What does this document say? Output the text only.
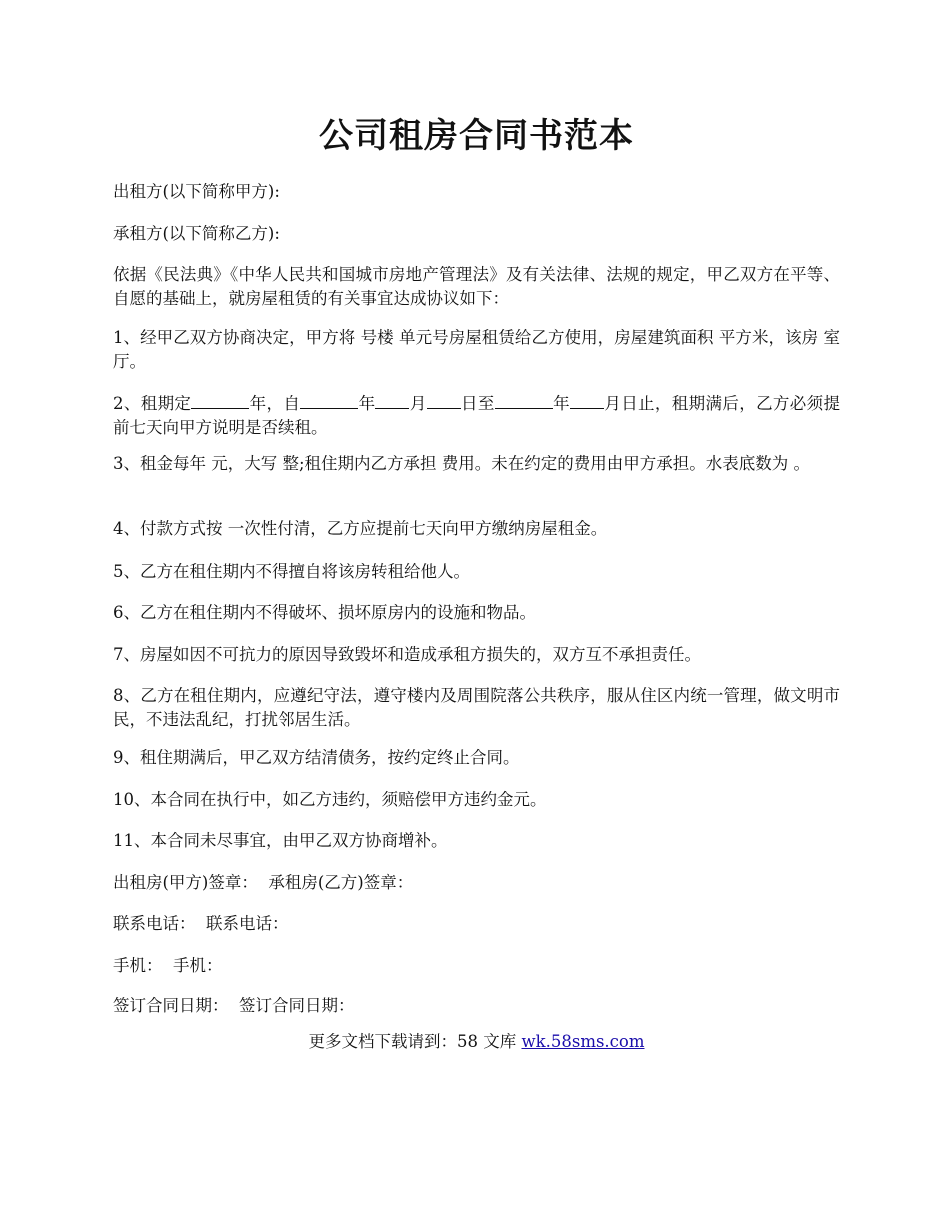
公司租房合同书范本

出租方(以下简称甲方):

承租方(以下简称乙方):

依据《民法典》《中华人民共和国城市房地产管理法》及有关法律、法规的规定，甲乙双方在平等、自愿的基础上，就房屋租赁的有关事宜达成协议如下：

1、经甲乙双方协商决定，甲方将 号楼 单元号房屋租赁给乙方使用，房屋建筑面积 平方米，该房 室 厅。

2、租期定	年，自	年 月 日至	年 月日止，租期满后，乙方必须提前七天向甲方说明是否续租。

3、租金每年 元，大写 整;租住期内乙方承担 费用。未在约定的费用由甲方承担。水表底数为 。

4、付款方式按 一次性付清，乙方应提前七天向甲方缴纳房屋租金。

5、乙方在租住期内不得擅自将该房转租给他人。

6、乙方在租住期内不得破坏、损坏原房内的设施和物品。

7、房屋如因不可抗力的原因导致毁坏和造成承租方损失的，双方互不承担责任。

8、乙方在租住期内，应遵纪守法，遵守楼内及周围院落公共秩序，服从住区内统一管理，做文明市民，不违法乱纪，打扰邻居生活。

9、租住期满后，甲乙双方结清债务，按约定终止合同。

10、本合同在执行中，如乙方违约，须赔偿甲方违约金元。

11、本合同未尽事宜，由甲乙双方协商增补。

出租房(甲方)签章：  承租房(乙方)签章：

联系电话：  联系电话：

手机：  手机：

签订合同日期：  签订合同日期：

更多文档下载请到：58 文库 wk.58sms.com
